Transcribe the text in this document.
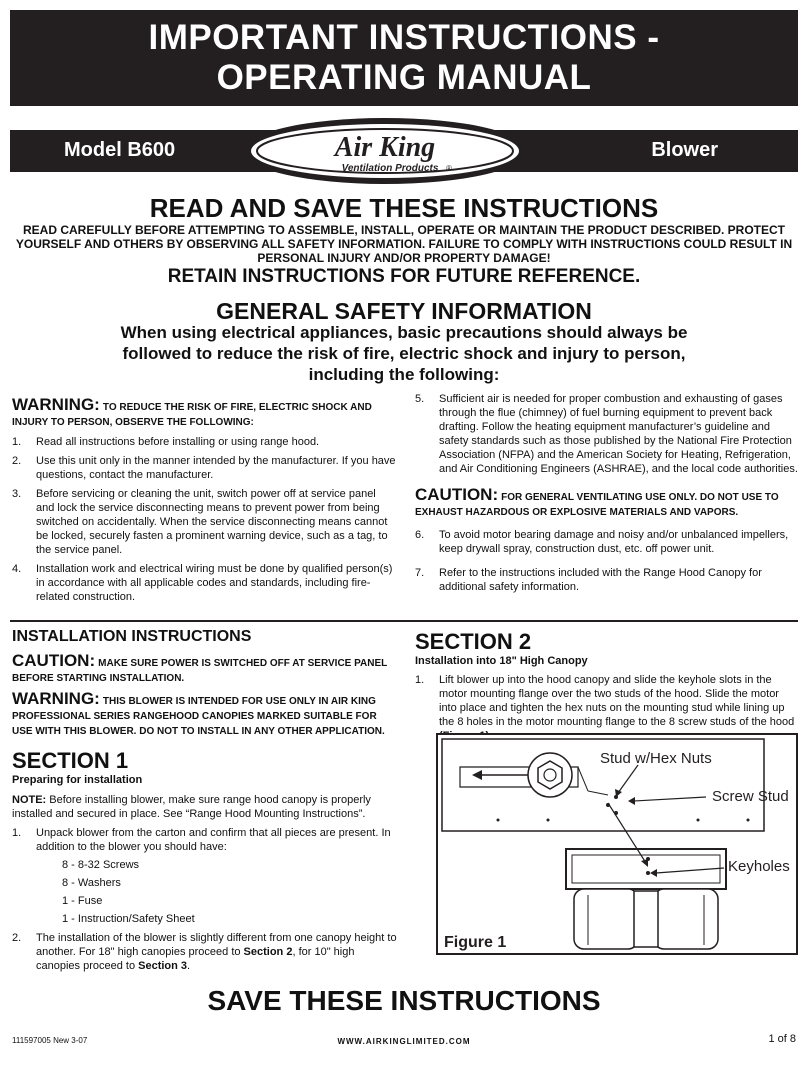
IMPORTANT INSTRUCTIONS -
OPERATING MANUAL
Model B600	Blower
Air King
Ventilation Products ®
READ AND SAVE THESE INSTRUCTIONS
READ CAREFULLY BEFORE ATTEMPTING TO ASSEMBLE, INSTALL, OPERATE OR MAINTAIN THE PRODUCT DESCRIBED. PROTECT YOURSELF AND OTHERS BY OBSERVING ALL SAFETY INFORMATION. FAILURE TO COMPLY WITH INSTRUCTIONS COULD RESULT IN PERSONAL INJURY AND/OR PROPERTY DAMAGE!
RETAIN INSTRUCTIONS FOR FUTURE REFERENCE.
GENERAL SAFETY INFORMATION
When using electrical appliances, basic precautions should always be followed to reduce the risk of fire, electric shock and injury to person, including the following:
WARNING: TO REDUCE THE RISK OF FIRE, ELECTRIC SHOCK AND INJURY TO PERSON, OBSERVE THE FOLLOWING:
1. Read all instructions before installing or using range hood.
2. Use this unit only in the manner intended by the manufacturer. If you have questions, contact the manufacturer.
3. Before servicing or cleaning the unit, switch power off at service panel and lock the service disconnecting means to prevent power from being switched on accidentally. When the service disconnecting means cannot be locked, securely fasten a prominent warning device, such as a tag, to the service panel.
4. Installation work and electrical wiring must be done by qualified person(s) in accordance with all applicable codes and standards, including fire-related construction.
5. Sufficient air is needed for proper combustion and exhausting of gases through the flue (chimney) of fuel burning equipment to prevent back drafting. Follow the heating equipment manufacturer’s guideline and safety standards such as those published by the National Fire Protection Association (NFPA) and the American Society for Heating, Refrigeration, and Air Conditioning Engineers (ASHRAE), and the local code authorities.
CAUTION: FOR GENERAL VENTILATING USE ONLY. DO NOT USE TO EXHAUST HAZARDOUS OR EXPLOSIVE MATERIALS AND VAPORS.
6. To avoid motor bearing damage and noisy and/or unbalanced impellers, keep drywall spray, construction dust, etc. off power unit.
7. Refer to the instructions included with the Range Hood Canopy for additional safety information.
INSTALLATION INSTRUCTIONS
CAUTION: MAKE SURE POWER IS SWITCHED OFF AT SERVICE PANEL BEFORE STARTING INSTALLATION.
WARNING: THIS BLOWER IS INTENDED FOR USE ONLY IN AIR KING PROFESSIONAL SERIES RANGEHOOD CANOPIES MARKED SUITABLE FOR USE WITH THIS BLOWER. DO NOT TO INSTALL IN ANY OTHER APPLICATION.
SECTION 1
Preparing for installation
NOTE: Before installing blower, make sure range hood canopy is properly installed and secured in place. See “Range Hood Mounting Instructions”.
1. Unpack blower from the carton and confirm that all pieces are present. In addition to the blower you should have:
8 - 8-32 Screws
8 - Washers
1 - Fuse
1 - Instruction/Safety Sheet
2. The installation of the blower is slightly different from one canopy height to another. For 18" high canopies proceed to Section 2, for 10" high canopies proceed to Section 3.
SECTION 2
Installation into 18" High Canopy
1. Lift blower up into the hood canopy and slide the keyhole slots in the motor mounting flange over the two studs of the hood. Slide the motor into place and tighten the hex nuts on the mounting stud while lining up the 8 holes in the motor mounting flange to the 8 screw studs of the hood
Stud w/Hex Nuts
Screw Stud
Keyholes
Figure 1
SAVE THESE INSTRUCTIONS
111597005 New 3-07	WWW.AIRKINGLIMITED.COM	1 of 8
